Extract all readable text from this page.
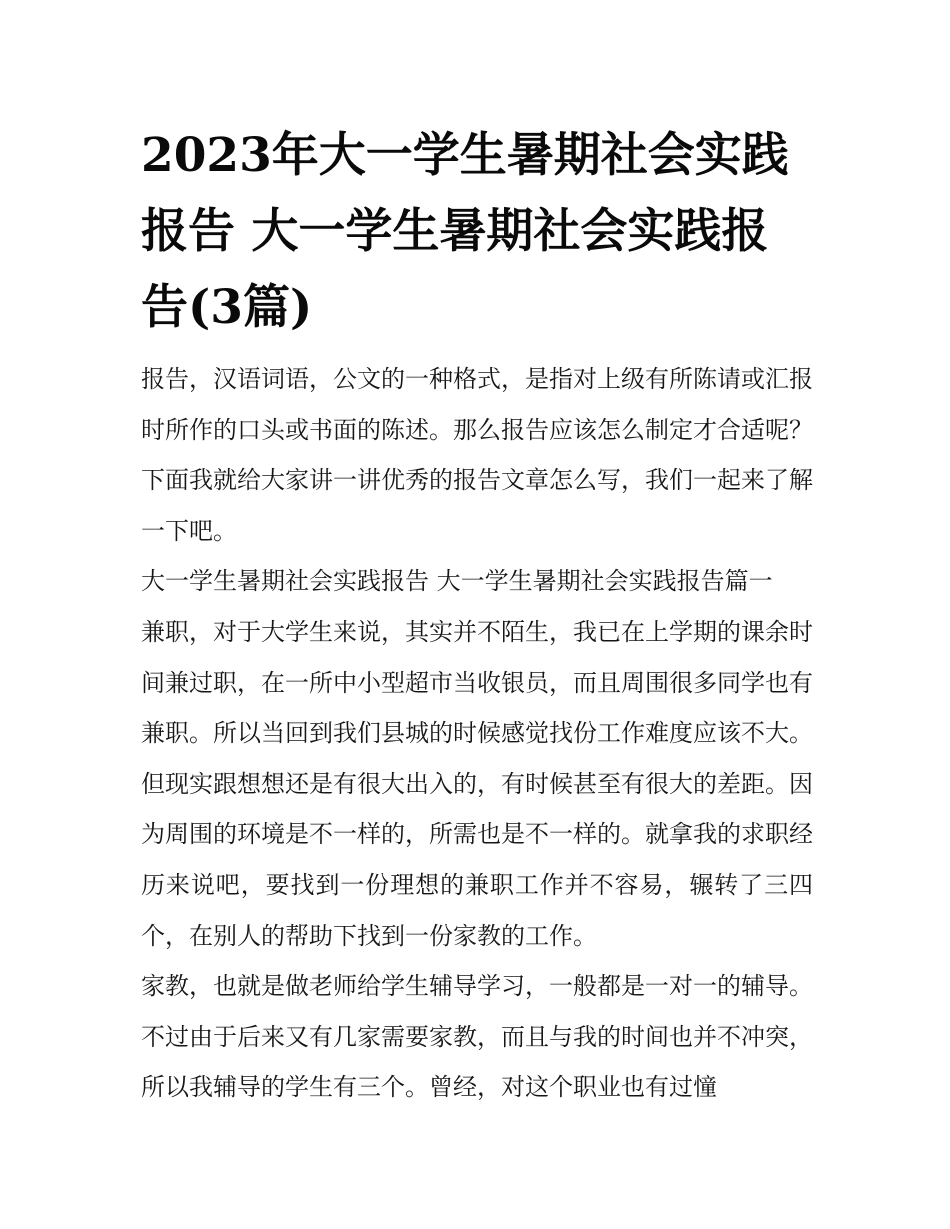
2023年大一学生暑期社会实践报告 大一学生暑期社会实践报告(3篇)

报告，汉语词语，公文的一种格式，是指对上级有所陈请或汇报时所作的口头或书面的陈述。那么报告应该怎么制定才合适呢？下面我就给大家讲一讲优秀的报告文章怎么写，我们一起来了解一下吧。

大一学生暑期社会实践报告 大一学生暑期社会实践报告篇一

兼职，对于大学生来说，其实并不陌生，我已在上学期的课余时间兼过职，在一所中小型超市当收银员，而且周围很多同学也有兼职。所以当回到我们县城的时候感觉找份工作难度应该不大。但现实跟想想还是有很大出入的，有时候甚至有很大的差距。因为周围的环境是不一样的，所需也是不一样的。就拿我的求职经历来说吧，要找到一份理想的兼职工作并不容易，辗转了三四个，在别人的帮助下找到一份家教的工作。

家教，也就是做老师给学生辅导学习，一般都是一对一的辅导。不过由于后来又有几家需要家教，而且与我的时间也并不冲突，所以我辅导的学生有三个。曾经，对这个职业也有过憧
